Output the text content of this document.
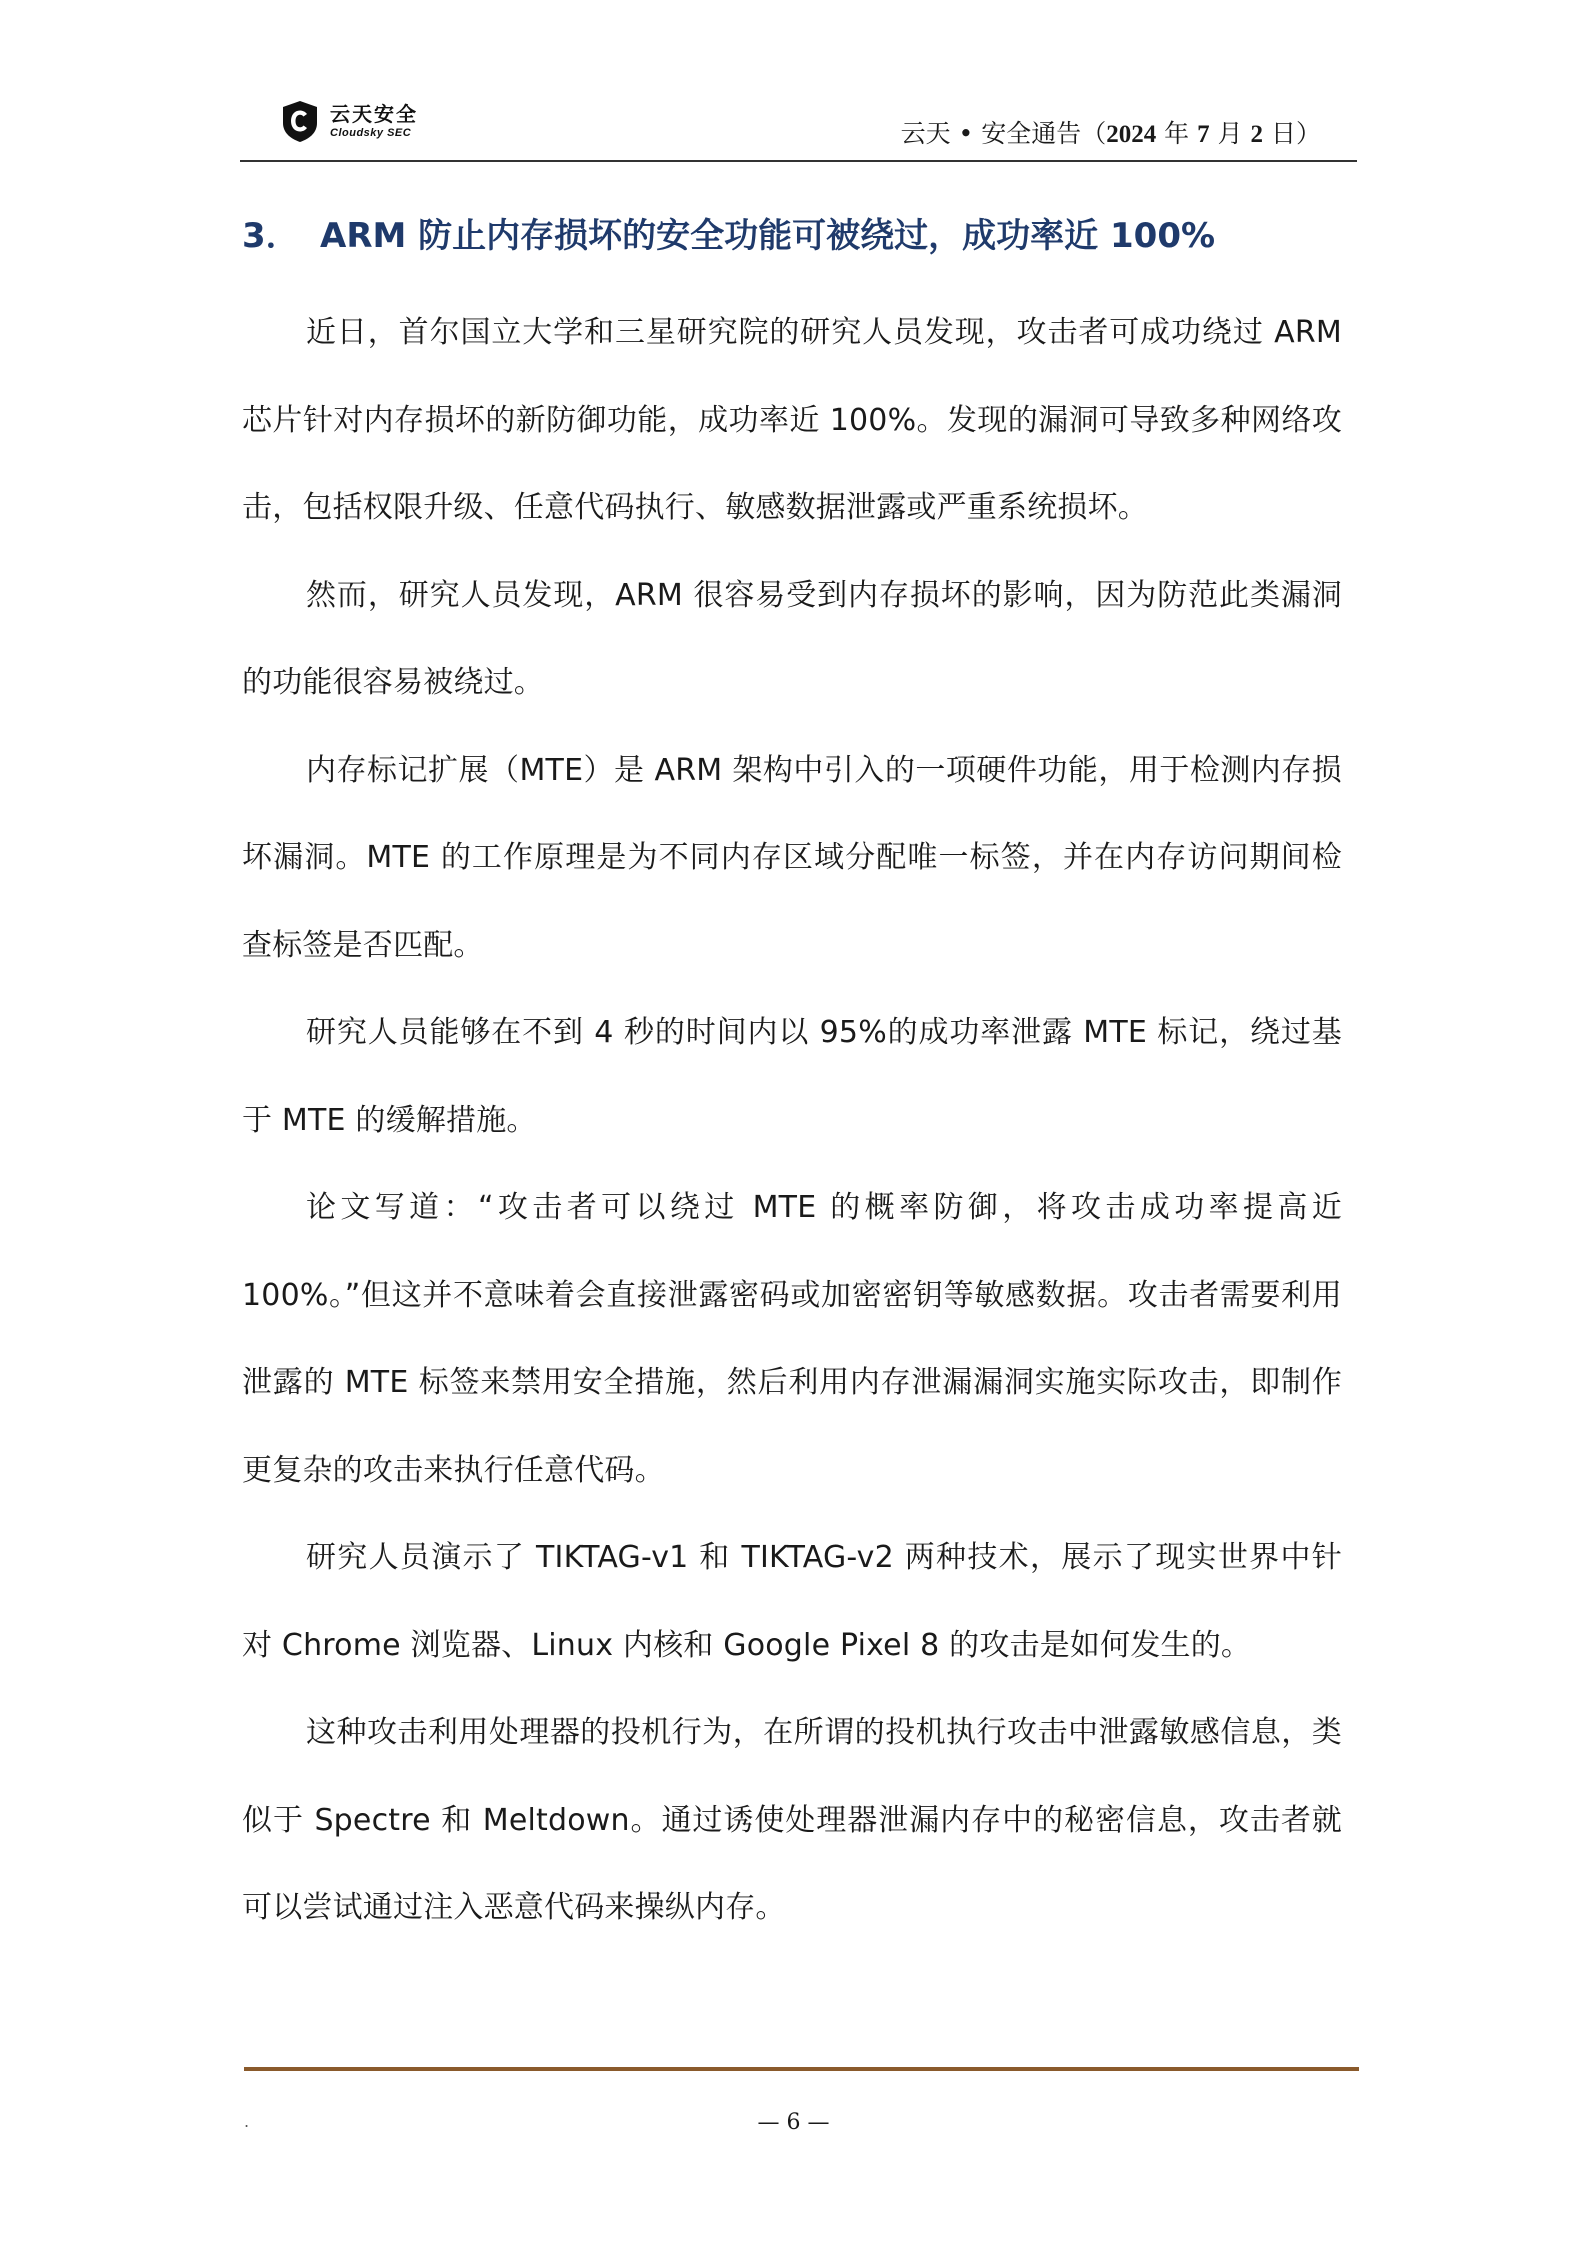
云天安全
Cloudsky SEC	云天 • 安全通告（2024 年 7 月 2 日）
3． ARM 防止内存损坏的安全功能可被绕过，成功率近 100%

近日，首尔国立大学和三星研究院的研究人员发现，攻击者可成功绕过 ARM 芯片针对内存损坏的新防御功能，成功率近 100%。发现的漏洞可导致多种网络攻击，包括权限升级、任意代码执行、敏感数据泄露或严重系统损坏。

然而，研究人员发现，ARM 很容易受到内存损坏的影响，因为防范此类漏洞的功能很容易被绕过。

内存标记扩展（MTE）是 ARM 架构中引入的一项硬件功能，用于检测内存损坏漏洞。MTE 的工作原理是为不同内存区域分配唯一标签，并在内存访问期间检查标签是否匹配。

研究人员能够在不到 4 秒的时间内以 95%的成功率泄露 MTE 标记，绕过基于 MTE 的缓解措施。

论文写道：“攻击者可以绕过 MTE 的概率防御，将攻击成功率提高近 100%。”但这并不意味着会直接泄露密码或加密密钥等敏感数据。攻击者需要利用泄露的 MTE 标签来禁用安全措施，然后利用内存泄漏漏洞实施实际攻击，即制作更复杂的攻击来执行任意代码。

研究人员演示了 TIKTAG-v1 和 TIKTAG-v2 两种技术，展示了现实世界中针对 Chrome 浏览器、Linux 内核和 Google Pixel 8 的攻击是如何发生的。

这种攻击利用处理器的投机行为，在所谓的投机执行攻击中泄露敏感信息，类似于 Spectre 和 Meltdown。通过诱使处理器泄漏内存中的秘密信息，攻击者就可以尝试通过注入恶意代码来操纵内存。

.	— 6 —
